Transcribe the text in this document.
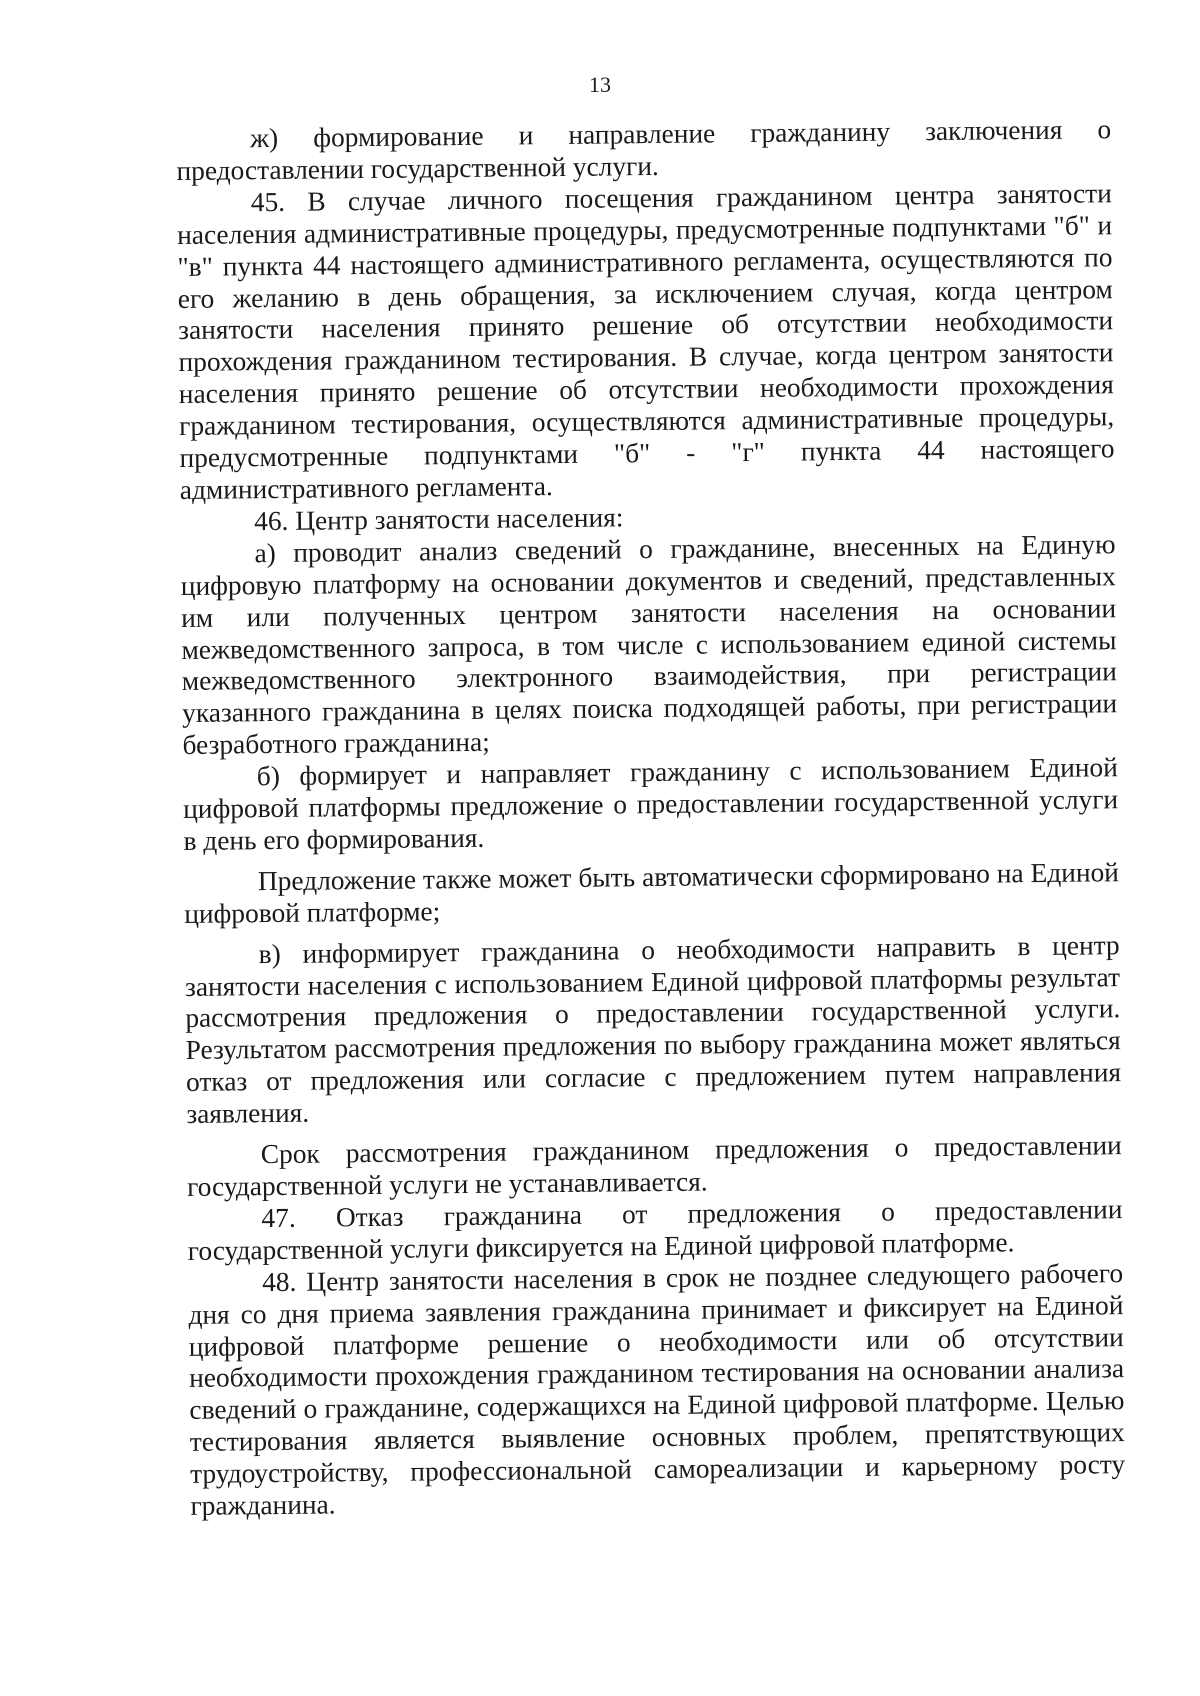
13

ж) формирование и направление гражданину заключения о предоставлении государственной услуги.

45. В случае личного посещения гражданином центра занятости населения административные процедуры, предусмотренные подпунктами "б" и "в" пункта 44 настоящего административного регламента, осуществляются по его желанию в день обращения, за исключением случая, когда центром занятости населения принято решение об отсутствии необходимости прохождения гражданином тестирования. В случае, когда центром занятости населения принято решение об отсутствии необходимости прохождения гражданином тестирования, осуществляются административные процедуры, предусмотренные подпунктами "б" - "г" пункта 44 настоящего административного регламента.

46. Центр занятости населения:

а) проводит анализ сведений о гражданине, внесенных на Единую цифровую платформу на основании документов и сведений, представленных им или полученных центром занятости населения на основании межведомственного запроса, в том числе с использованием единой системы межведомственного электронного взаимодействия, при регистрации указанного гражданина в целях поиска подходящей работы, при регистрации безработного гражданина;

б) формирует и направляет гражданину с использованием Единой цифровой платформы предложение о предоставлении государственной услуги в день его формирования.

Предложение также может быть автоматически сформировано на Единой цифровой платформе;

в) информирует гражданина о необходимости направить в центр занятости населения с использованием Единой цифровой платформы результат рассмотрения предложения о предоставлении государственной услуги. Результатом рассмотрения предложения по выбору гражданина может являться отказ от предложения или согласие с предложением путем направления заявления.

Срок рассмотрения гражданином предложения о предоставлении государственной услуги не устанавливается.

47. Отказ гражданина от предложения о предоставлении государственной услуги фиксируется на Единой цифровой платформе.

48. Центр занятости населения в срок не позднее следующего рабочего дня со дня приема заявления гражданина принимает и фиксирует на Единой цифровой платформе решение о необходимости или об отсутствии необходимости прохождения гражданином тестирования на основании анализа сведений о гражданине, содержащихся на Единой цифровой платформе. Целью тестирования является выявление основных проблем, препятствующих трудоустройству, профессиональной самореализации и карьерному росту гражданина.
